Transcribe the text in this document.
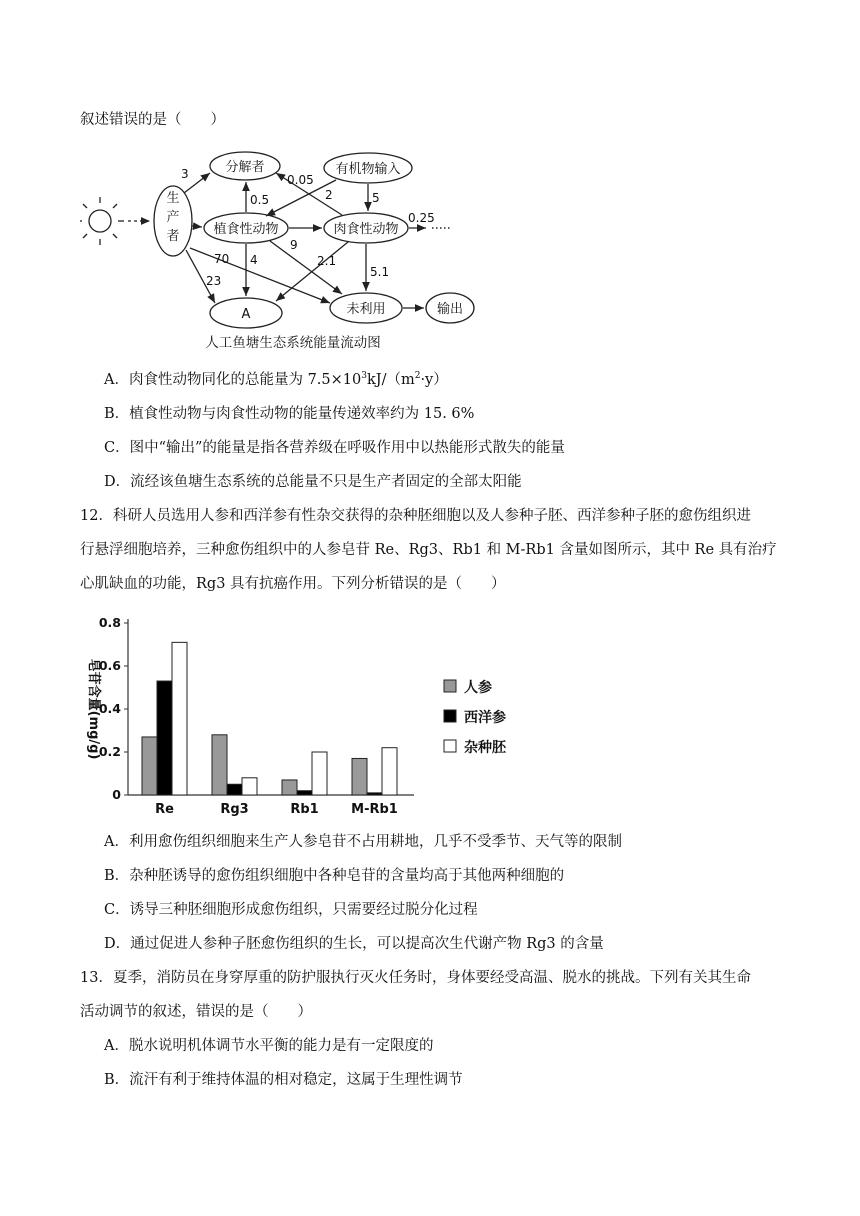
叙述错误的是（　　）
分解者	有机物输入
植食性动物	肉食性动物
A	未利用	输出
生产者
3
0.5
0.05
2	5
0.25
70
23
4
9
2.1
5.1
人工鱼塘生态系统能量流动图
A．肉食性动物同化的总能量为 $7.5\times 10^3kJ/(m^2\cdot y)$
B．植食性动物与肉食性动物的能量传递效率约为 15. 6%
C．图中“输出”的能量是指各营养级在呼吸作用中以热能形式散失的能量
D．流经该鱼塘生态系统的总能量不只是生产者固定的全部太阳能
12．科研人员选用人参和西洋参有性杂交获得的杂种胚细胞以及人参种子胚、西洋参种子胚的愈伤组织进
行悬浮细胞培养，三种愈伤组织中的人参皂苷 Re、Rg3、Rb1 和 M-Rb1 含量如图所示，其中 Re 具有治疗
心肌缺血的功能，Rg3 具有抗癌作用。下列分析错误的是（　　）
0
0.2
0.4
0.6
0.8
皂苷含量(mg/g)
Re	Rg3	Rb1 M-Rb1
人参
西洋参
杂种胚
A．利用愈伤组织细胞来生产人参皂苷不占用耕地，几乎不受季节、天气等的限制
B．杂种胚诱导的愈伤组织细胞中各种皂苷的含量均高于其他两种细胞的
C．诱导三种胚细胞形成愈伤组织，只需要经过脱分化过程
D．通过促进人参种子胚愈伤组织的生长，可以提高次生代谢产物 Rg3 的含量
13．夏季，消防员在身穿厚重的防护服执行灭火任务时，身体要经受高温、脱水的挑战。下列有关其生命
活动调节的叙述，错误的是（　　）
A．脱水说明机体调节水平衡的能力是有一定限度的
B．流汗有利于维持体温的相对稳定，这属于生理性调节
